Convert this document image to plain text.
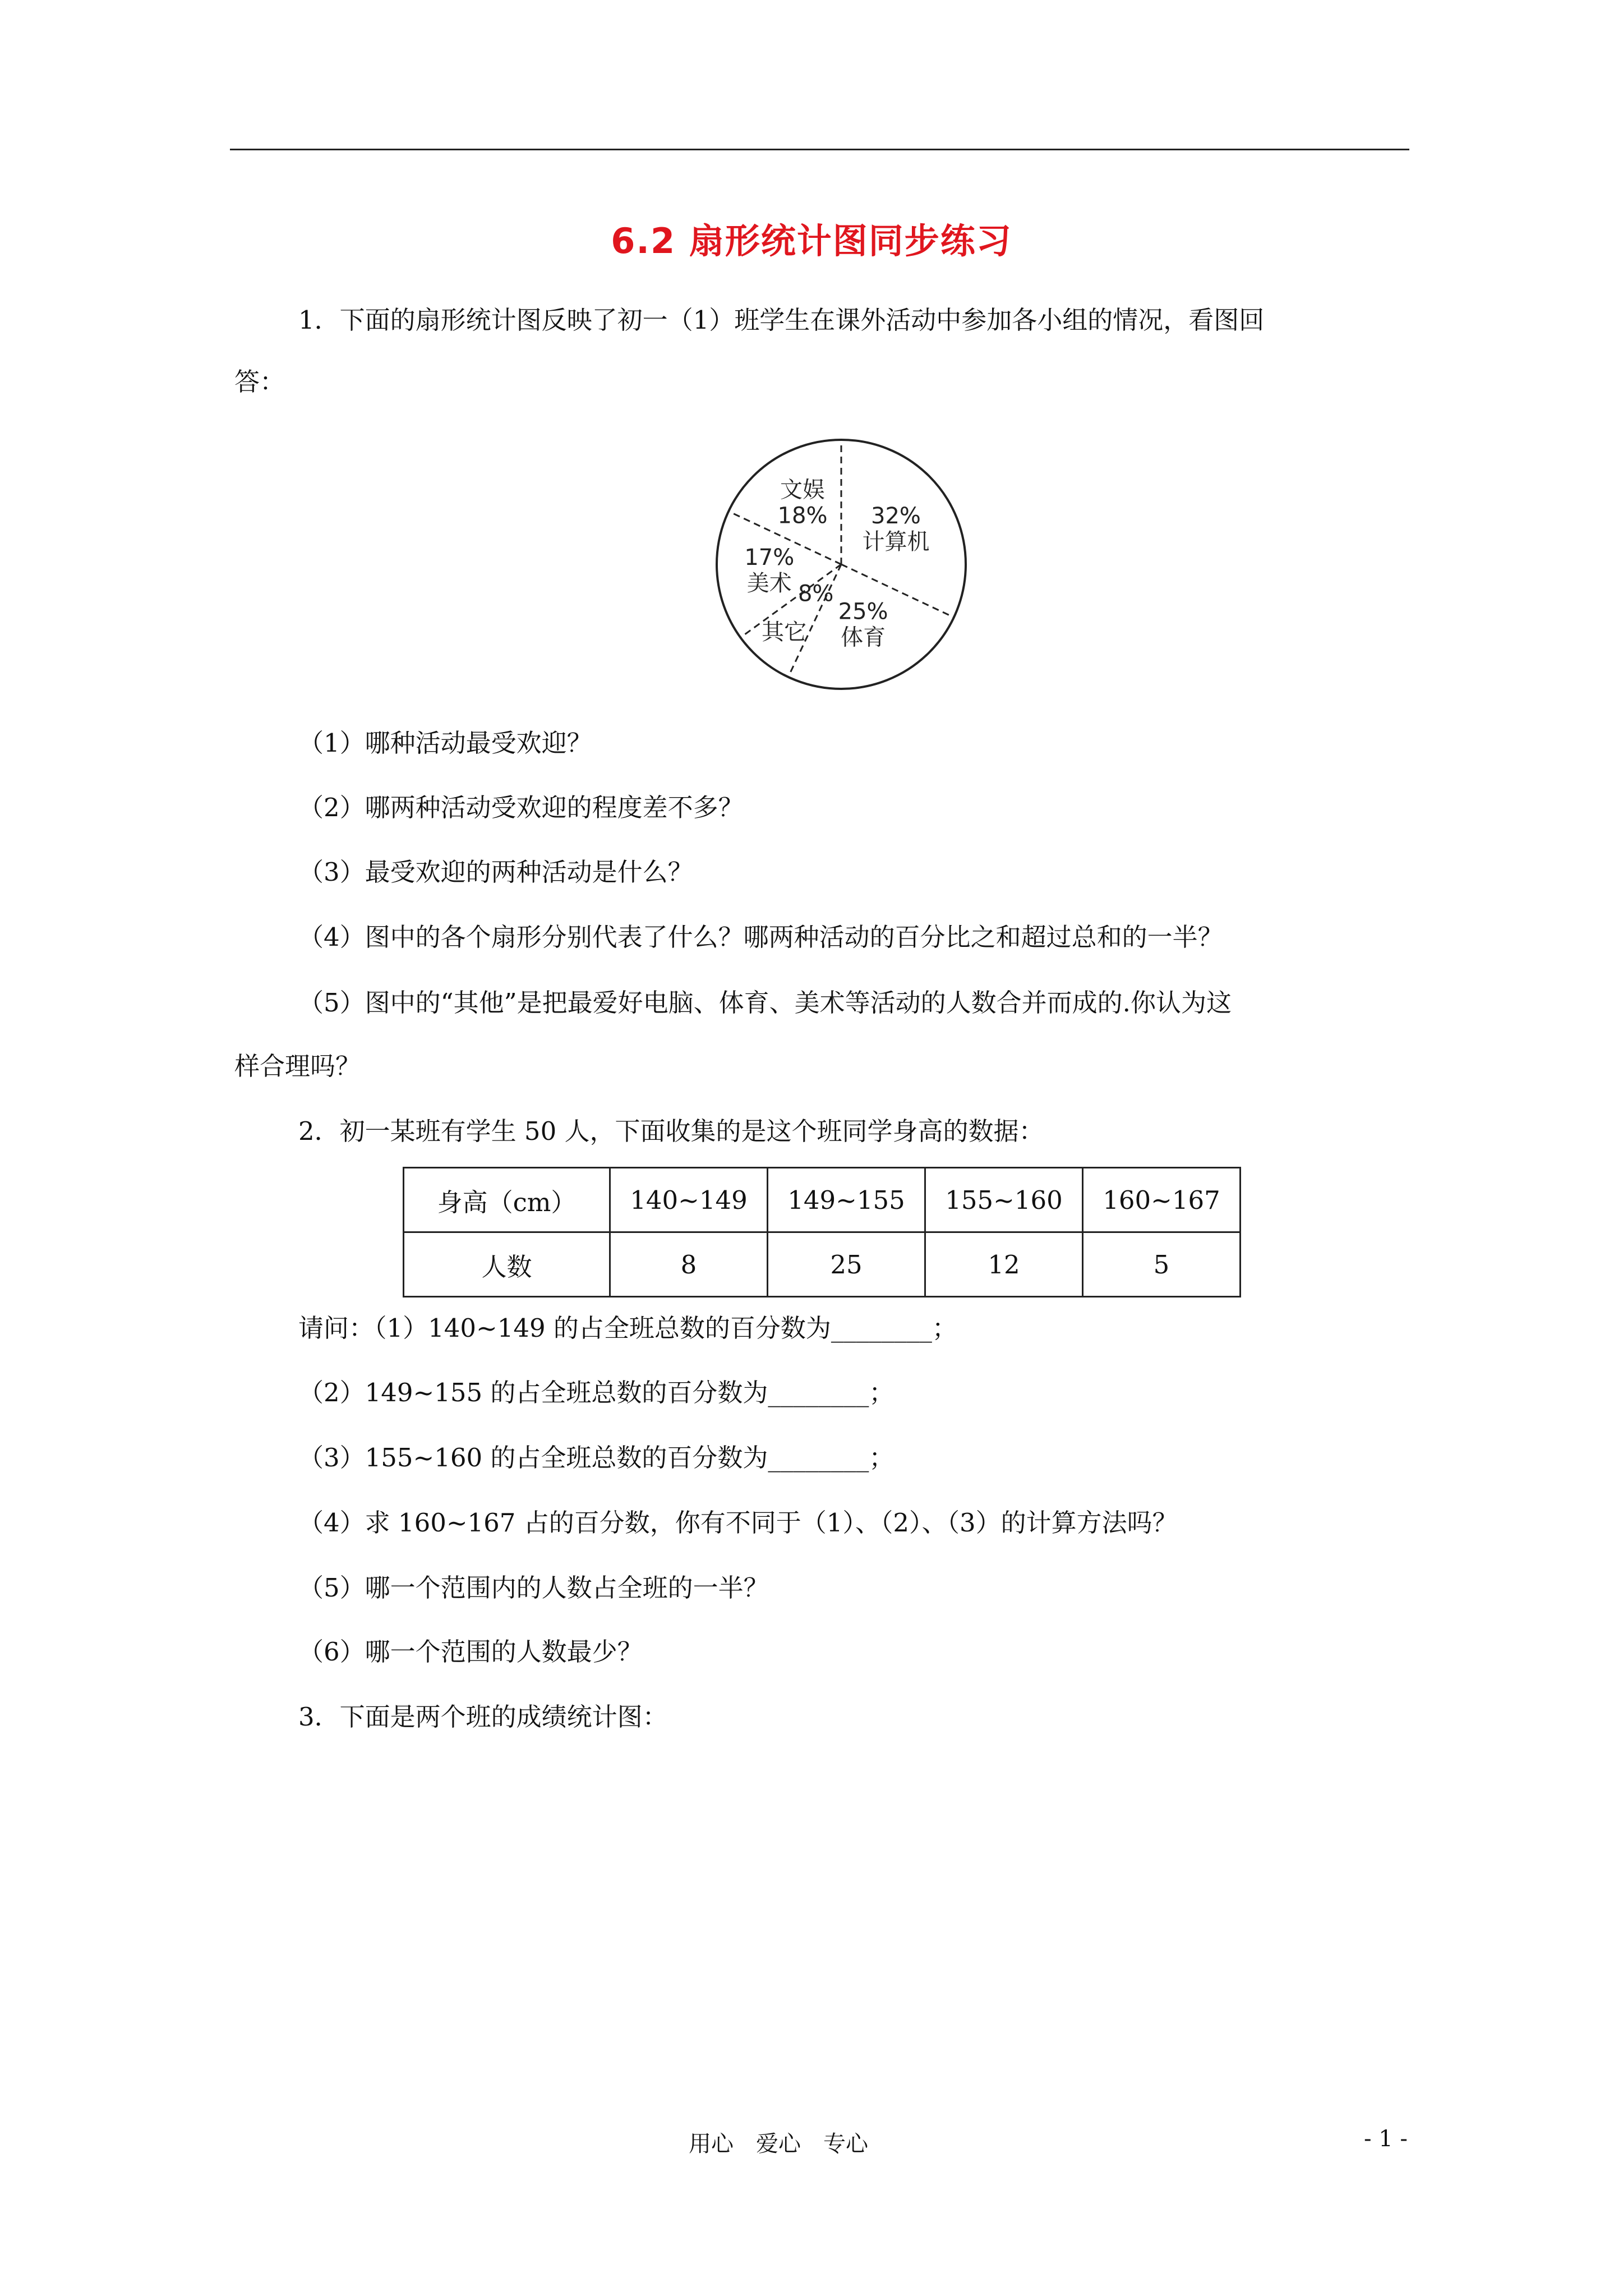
6.2 扇形统计图同步练习
1．下面的扇形统计图反映了初一（1）班学生在课外活动中参加各小组的情况，看图回
答：
32%
计算机
25%
体育
其它
8%
17%
美术
文娱
18%
（1）哪种活动最受欢迎？
（2）哪两种活动受欢迎的程度差不多？
（3）最受欢迎的两种活动是什么？
（4）图中的各个扇形分别代表了什么？哪两种活动的百分比之和超过总和的一半？
（5）图中的“其他”是把最爱好电脑、体育、美术等活动的人数合并而成的.你认为这
样合理吗？
2．初一某班有学生 50 人，下面收集的是这个班同学身高的数据：
身高（cm）	140~149	149~155	155~160	160~167
人数	8	25	12	5
请问：（1）140~149 的占全班总数的百分数为________；
（2）149~155 的占全班总数的百分数为________；
（3）155~160 的占全班总数的百分数为________；
（4）求 160~167 占的百分数，你有不同于（1）、（2）、（3）的计算方法吗？
（5）哪一个范围内的人数占全班的一半？
（6）哪一个范围的人数最少？
3．下面是两个班的成绩统计图：
用心　爱心　专心	- 1 -
